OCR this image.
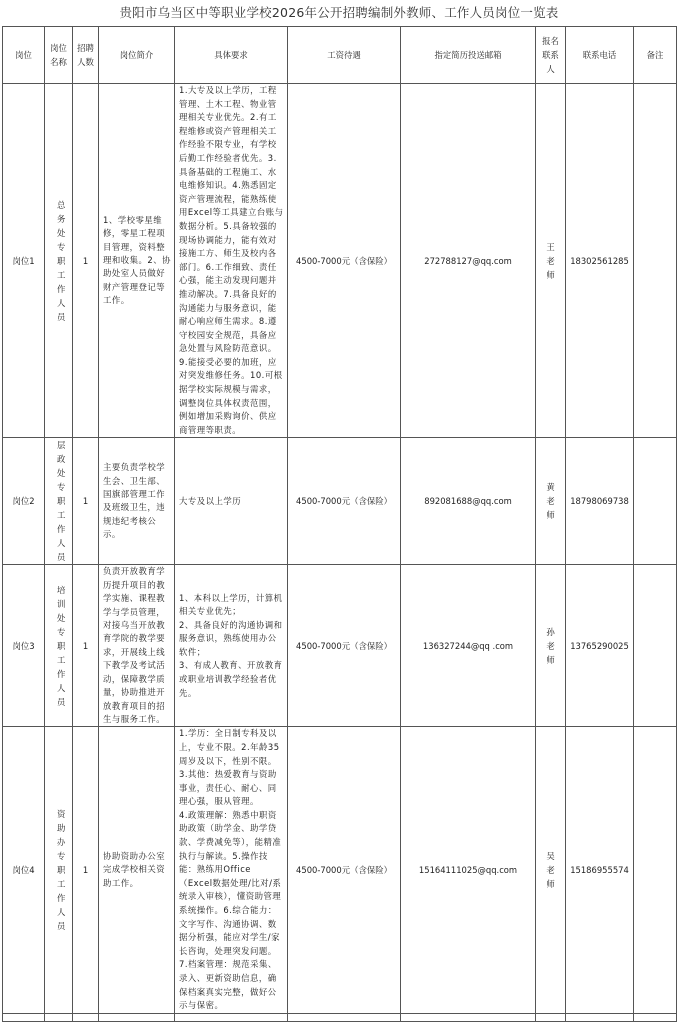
贵阳市乌当区中等职业学校2026年公开招聘编制外教师、工作人员岗位一览表
岗位	岗位名称	招聘人数	岗位简介	具体要求	工资待遇	指定简历投送邮箱	报名联系人	联系电话	备注
岗位1	总务处专职工作人员	1	1、学校零星维修，零星工程项目管理，资料整理和收集。2、协助处室人员做好财产管理登记等工作。	1.大专及以上学历，工程管理、土木工程、物业管理相关专业优先。2.有工程维修或资产管理相关工作经验不限专业，有学校后勤工作经验者优先。3.具备基础的工程施工、水电维修知识。4.熟悉固定资产管理流程，能熟练使用Excel等工具建立台账与数据分析。5.具备较强的现场协调能力，能有效对接施工方、师生及校内各部门。6.工作细致、责任心强，能主动发现问题并推动解决。7.具备良好的沟通能力与服务意识，能耐心响应师生需求。8.遵守校园安全规范，具备应急处置与风险防范意识。9.能接受必要的加班，应对突发维修任务。10.可根据学校实际规模与需求，调整岗位具体权责范围，例如增加采购询价、供应商管理等职责。	4500-7000元（含保险）	272788127@qq.com	王老师	18302561285	
岗位2	层政处专职工作人员	1	主要负责学校学生会、卫生部、国旗部管理工作及班级卫生，违规违纪考核公示。	大专及以上学历	4500-7000元（含保险）	892081688@qq.com	黄老师	18798069738	
岗位3	培训处专职工作人员	1	负责开放教育学历提升项目的教学实施、课程教学与学员管理，对接乌当开放教育学院的教学要求，开展线上线下教学及考试活动，保障教学质量，协助推进开放教育项目的招生与服务工作。	1、本科以上学历，计算机相关专业优先；
2、具备良好的沟通协调和服务意识，熟练使用办公软件；
3、有成人教育、开放教育或职业培训教学经验者优先。	4500-7000元（含保险）	136327244@qq .com	孙老师	13765290025	
岗位4	资助办专职工作人员	1	协助资助办公室完成学校相关资助工作。	1.学历：全日制专科及以上，专业不限。2.年龄35周岁及以下，性别不限。3.其他：热爱教育与资助事业，责任心、耐心、同理心强，服从管理。
4.政策理解：熟悉中职资助政策（助学金、助学贷款、学费减免等），能精准执行与解读。5.操作技能：熟练用Office（Excel数据处理/比对/系统录入审核），懂资助管理系统操作。6.综合能力：文字写作、沟通协调、数据分析强，能应对学生/家长咨询，处理突发问题。7.档案管理：规范采集、录入、更新资助信息，确保档案真实完整，做好公示与保密。	4500-7000元（含保险）	15164111025@qq.com	吴老师	15186955574	
